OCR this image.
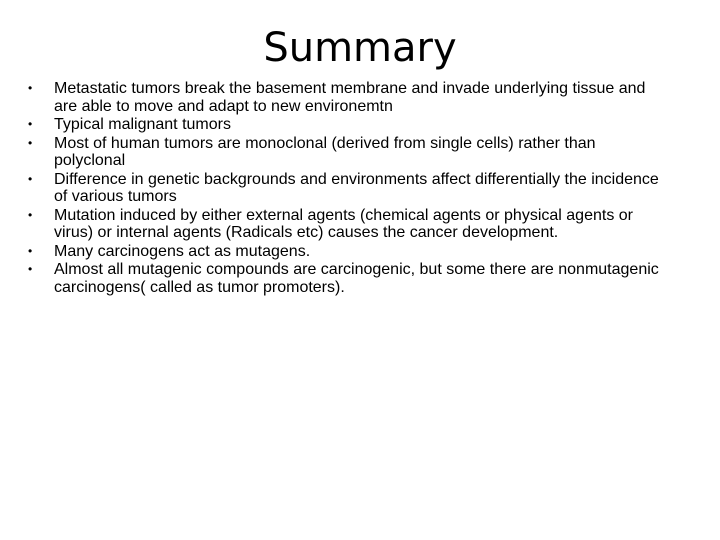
Summary
•	Metastatic tumors break the basement membrane and invade underlying tissue and are able to move and adapt to new environemtn
•	Typical malignant tumors
•	Most of human tumors are monoclonal (derived from single cells) rather than polyclonal
•	Difference in genetic backgrounds and environments affect differentially the incidence of various tumors
•	Mutation induced by either external agents (chemical agents or physical agents or virus) or internal agents (Radicals etc) causes the cancer development.
•	Many carcinogens act as mutagens.
•	Almost all mutagenic compounds are carcinogenic, but some there are nonmutagenic carcinogens( called as tumor promoters).
